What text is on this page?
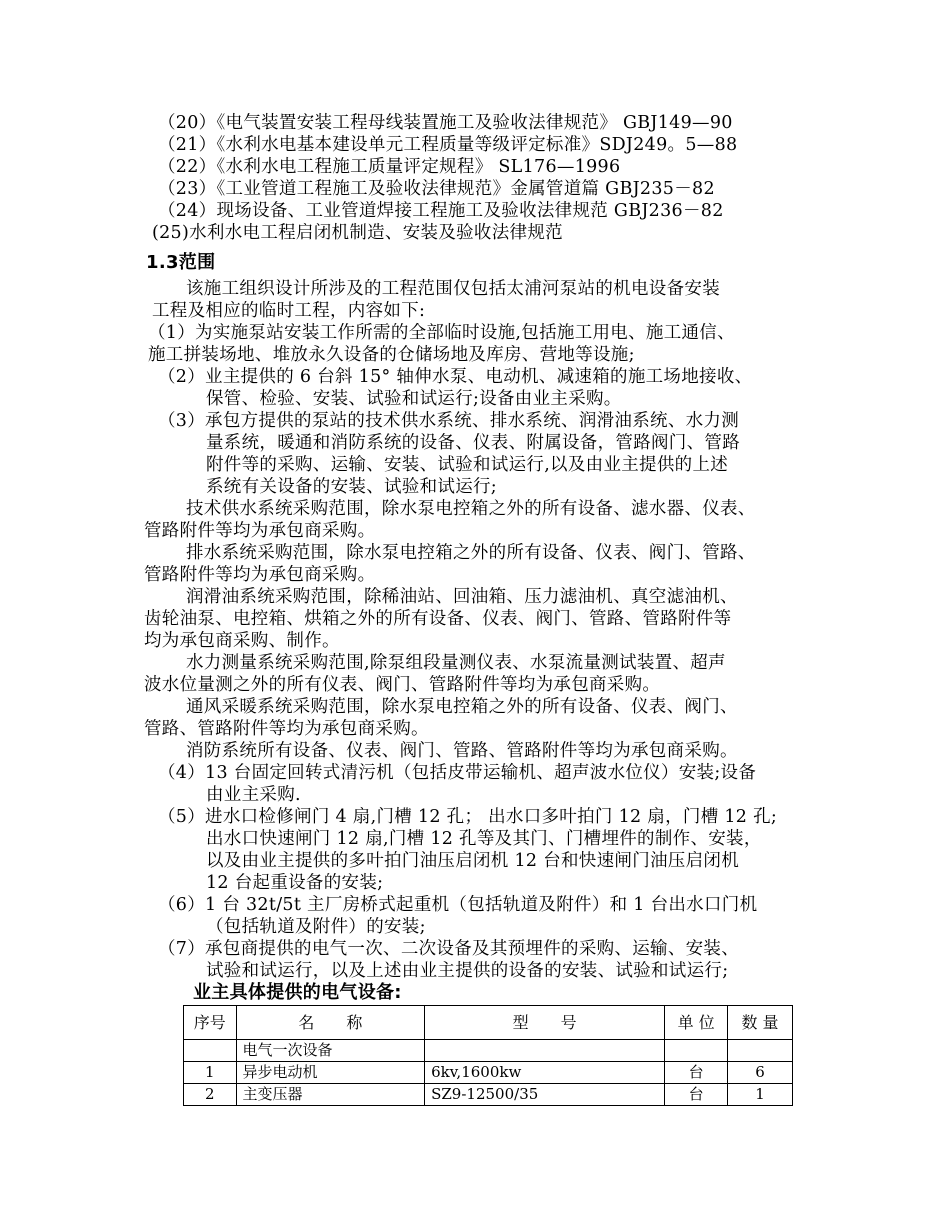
（20）《电气装置安装工程母线装置施工及验收法律规范》 GBJ149—90
（21）《水利水电基本建设单元工程质量等级评定标准》SDJ249。5—88
（22）《水利水电工程施工质量评定规程》 SL176—1996
（23）《工业管道工程施工及验收法律规范》金属管道篇 GBJ235－82
（24）现场设备、工业管道焊接工程施工及验收法律规范 GBJ236－82
(25)水利水电工程启闭机制造、安装及验收法律规范
1.3范围
该施工组织设计所涉及的工程范围仅包括太浦河泵站的机电设备安装
工程及相应的临时工程，内容如下:
（1）为实施泵站安装工作所需的全部临时设施,包括施工用电、施工通信、
施工拼装场地、堆放永久设备的仓储场地及库房、营地等设施;
（2）业主提供的 6 台斜 15° 轴伸水泵、电动机、减速箱的施工场地接收、
保管、检验、安装、试验和试运行;设备由业主采购。
（3）承包方提供的泵站的技术供水系统、排水系统、润滑油系统、水力测
量系统，暖通和消防系统的设备、仪表、附属设备，管路阀门、管路
附件等的采购、运输、安装、试验和试运行,以及由业主提供的上述
系统有关设备的安装、试验和试运行;
技术供水系统采购范围，除水泵电控箱之外的所有设备、滤水器、仪表、
管路附件等均为承包商采购。
排水系统采购范围，除水泵电控箱之外的所有设备、仪表、阀门、管路、
管路附件等均为承包商采购。
润滑油系统采购范围，除稀油站、回油箱、压力滤油机、真空滤油机、
齿轮油泵、电控箱、烘箱之外的所有设备、仪表、阀门、管路、管路附件等
均为承包商采购、制作。
水力测量系统采购范围,除泵组段量测仪表、水泵流量测试装置、超声
波水位量测之外的所有仪表、阀门、管路附件等均为承包商采购。
通风采暖系统采购范围，除水泵电控箱之外的所有设备、仪表、阀门、
管路、管路附件等均为承包商采购。
消防系统所有设备、仪表、阀门、管路、管路附件等均为承包商采购。
（4）13 台固定回转式清污机（包括皮带运输机、超声波水位仪）安装;设备
由业主采购.
（5）进水口检修闸门 4 扇,门槽 12 孔； 出水口多叶拍门 12 扇，门槽 12 孔;
出水口快速闸门 12 扇,门槽 12 孔等及其门、门槽埋件的制作、安装，
以及由业主提供的多叶拍门油压启闭机 12 台和快速闸门油压启闭机
12 台起重设备的安装;
（6）1 台 32t/5t 主厂房桥式起重机（包括轨道及附件）和 1 台出水口门机
（包括轨道及附件）的安装;
（7）承包商提供的电气一次、二次设备及其预埋件的采购、运输、安装、
试验和试运行，以及上述由业主提供的设备的安装、试验和试运行;
业主具体提供的电气设备:
序号	名　　称	型　　号	单 位	数 量
	电气一次设备			
1	异步电动机	6kv,1600kw	台	6
2	主变压器	SZ9-12500/35	台	1
